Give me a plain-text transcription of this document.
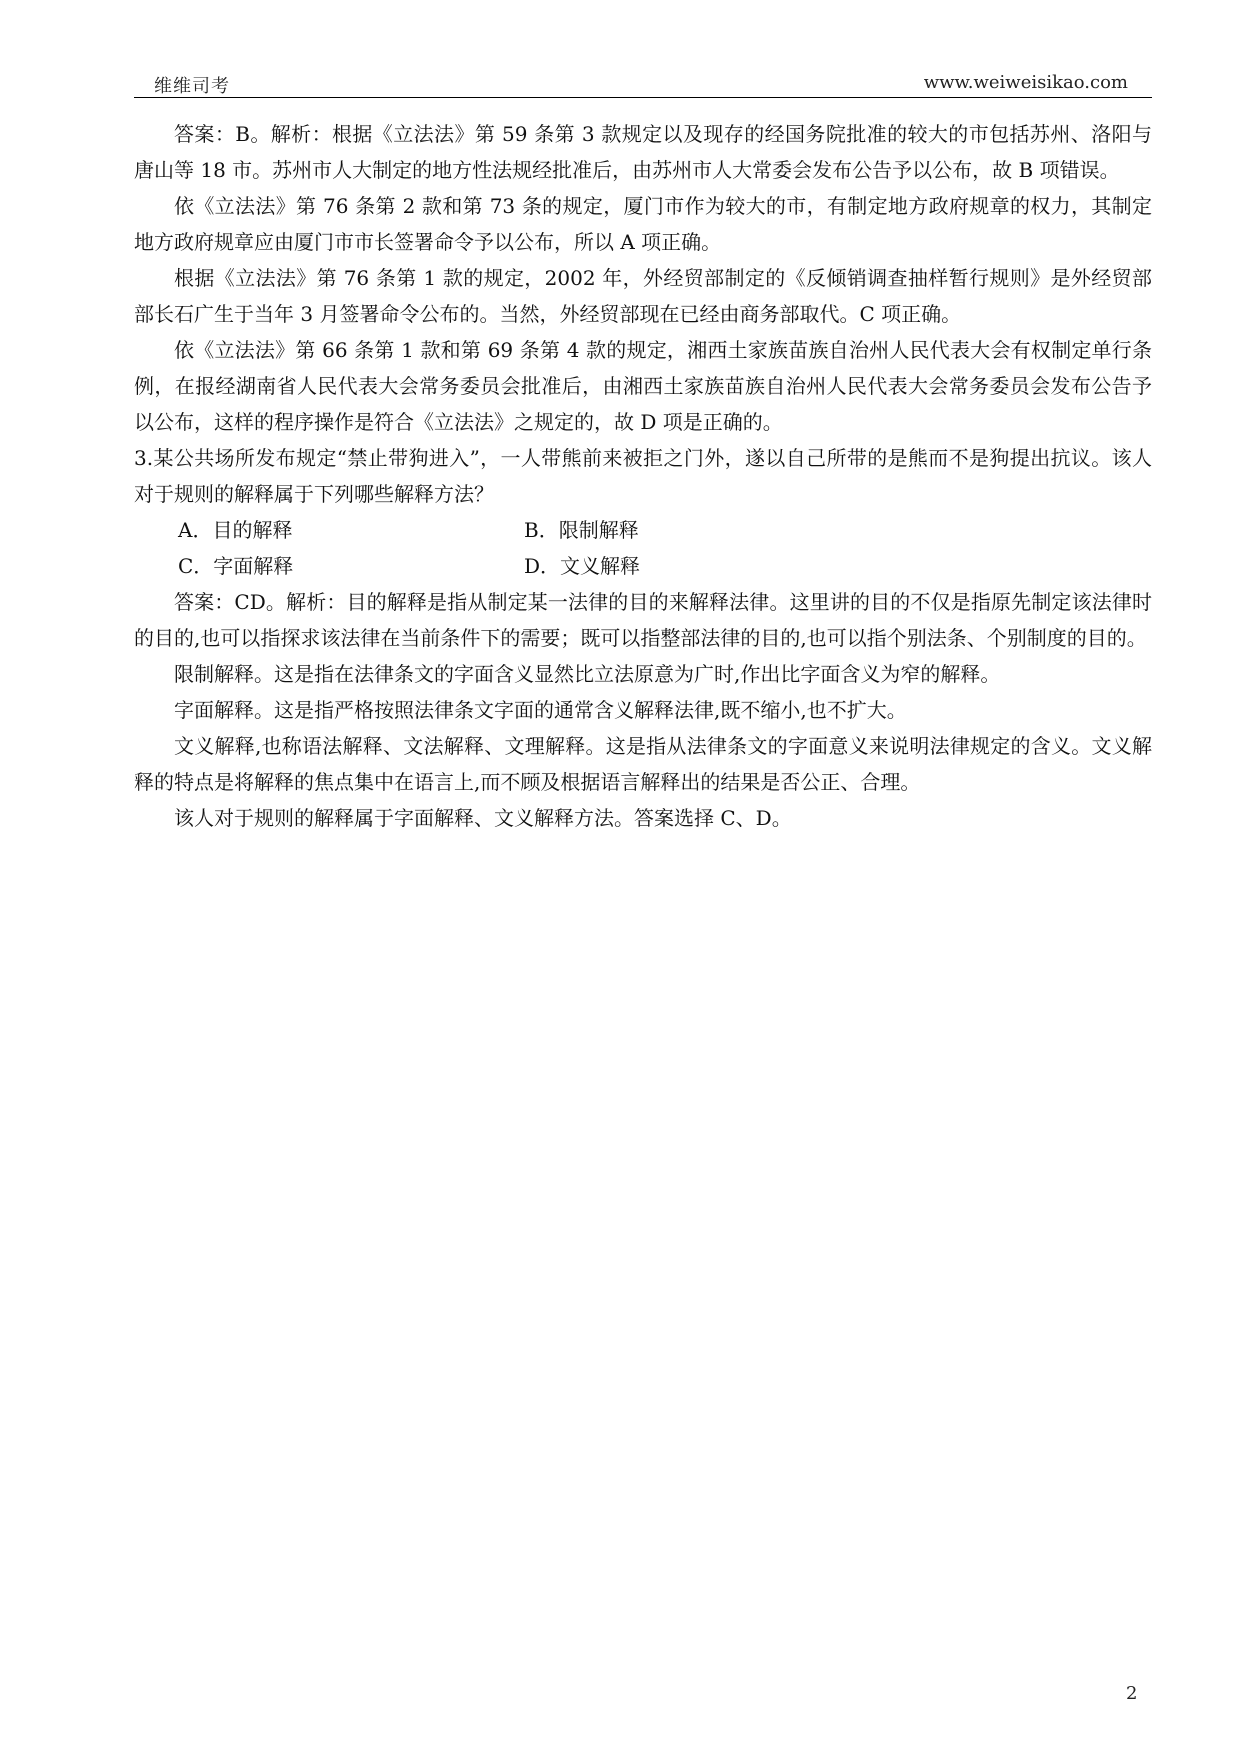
维维司考	www.weiweisikao.com

答案：B。解析：根据《立法法》第 59 条第 3 款规定以及现存的经国务院批准的较大的市包括苏州、洛阳与唐山等 18 市。苏州市人大制定的地方性法规经批准后，由苏州市人大常委会发布公告予以公布，故 B 项错误。

依《立法法》第 76 条第 2 款和第 73 条的规定，厦门市作为较大的市，有制定地方政府规章的权力，其制定地方政府规章应由厦门市市长签署命令予以公布，所以 A 项正确。

根据《立法法》第 76 条第 1 款的规定，2002 年，外经贸部制定的《反倾销调查抽样暂行规则》是外经贸部部长石广生于当年 3 月签署命令公布的。当然，外经贸部现在已经由商务部取代。C 项正确。

依《立法法》第 66 条第 1 款和第 69 条第 4 款的规定，湘西土家族苗族自治州人民代表大会有权制定单行条例，在报经湖南省人民代表大会常务委员会批准后，由湘西土家族苗族自治州人民代表大会常务委员会发布公告予以公布，这样的程序操作是符合《立法法》之规定的，故 D 项是正确的。

3.某公共场所发布规定“禁止带狗进入”，一人带熊前来被拒之门外，遂以自己所带的是熊而不是狗提出抗议。该人对于规则的解释属于下列哪些解释方法？

A．目的解释	B．限制解释
C．字面解释	D．文义解释

答案：CD。解析：目的解释是指从制定某一法律的目的来解释法律。这里讲的目的不仅是指原先制定该法律时的目的,也可以指探求该法律在当前条件下的需要；既可以指整部法律的目的,也可以指个别法条、个别制度的目的。

限制解释。这是指在法律条文的字面含义显然比立法原意为广时,作出比字面含义为窄的解释。

字面解释。这是指严格按照法律条文字面的通常含义解释法律,既不缩小,也不扩大。

文义解释,也称语法解释、文法解释、文理解释。这是指从法律条文的字面意义来说明法律规定的含义。文义解释的特点是将解释的焦点集中在语言上,而不顾及根据语言解释出的结果是否公正、合理。

该人对于规则的解释属于字面解释、文义解释方法。答案选择 C、D。

2
